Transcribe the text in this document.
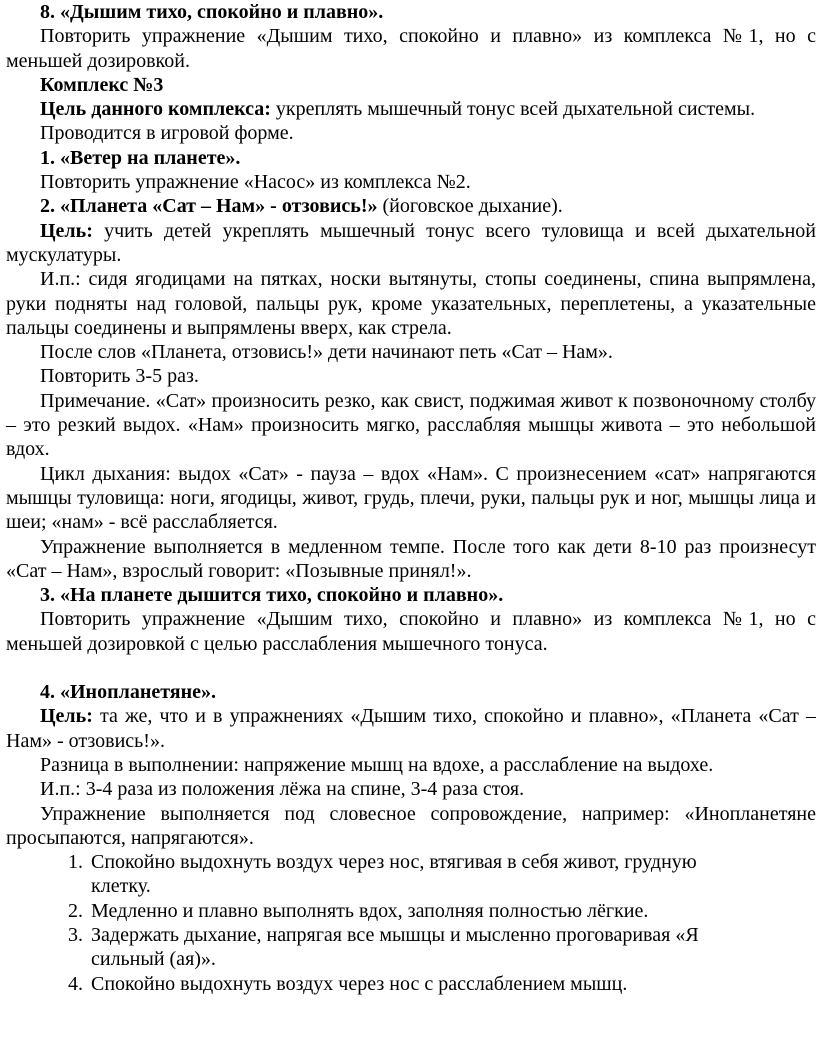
8. «Дышим тихо, спокойно и плавно».

Повторить упражнение «Дышим тихо, спокойно и плавно» из комплекса №1, но с меньшей дозировкой.

Комплекс №3

Цель данного комплекса: укреплять мышечный тонус всей дыхательной системы.

Проводится в игровой форме.

1. «Ветер на планете».

Повторить упражнение «Насос» из комплекса №2.

2. «Планета «Сат – Нам» - отзовись!» (йоговское дыхание).

Цель: учить детей укреплять мышечный тонус всего туловища и всей дыхательной мускулатуры.

И.п.: сидя ягодицами на пятках, носки вытянуты, стопы соединены, спина выпрямлена, руки подняты над головой, пальцы рук, кроме указательных, переплетены, а указательные пальцы соединены и выпрямлены вверх, как стрела.

После слов «Планета, отзовись!» дети начинают петь «Сат – Нам».

Повторить 3-5 раз.

Примечание. «Сат» произносить резко, как свист, поджимая живот к позвоночному столбу – это резкий выдох. «Нам» произносить мягко, расслабляя мышцы живота – это небольшой вдох.

Цикл дыхания: выдох «Сат» - пауза – вдох «Нам». С произнесением «сат» напрягаются мышцы туловища: ноги, ягодицы, живот, грудь, плечи, руки, пальцы рук и ног, мышцы лица и шеи; «нам» - всё расслабляется.

Упражнение выполняется в медленном темпе. После того как дети 8-10 раз произнесут «Сат – Нам», взрослый говорит: «Позывные принял!».

3. «На планете дышится тихо, спокойно и плавно».

Повторить упражнение «Дышим тихо, спокойно и плавно» из комплекса №1, но с меньшей дозировкой с целью расслабления мышечного тонуса.

4. «Инопланетяне».

Цель: та же, что и в упражнениях «Дышим тихо, спокойно и плавно», «Планета «Сат – Нам» - отзовись!».

Разница в выполнении: напряжение мышц на вдохе, а расслабление на выдохе.

И.п.: 3-4 раза из положения лёжа на спине, 3-4 раза стоя.

Упражнение выполняется под словесное сопровождение, например: «Инопланетяне просыпаются, напрягаются».

1. Спокойно выдохнуть воздух через нос, втягивая в себя живот, грудную клетку.
2. Медленно и плавно выполнять вдох, заполняя полностью лёгкие.
3. Задержать дыхание, напрягая все мышцы и мысленно проговаривая «Я сильный (ая)».
4. Спокойно выдохнуть воздух через нос с расслаблением мышц.
